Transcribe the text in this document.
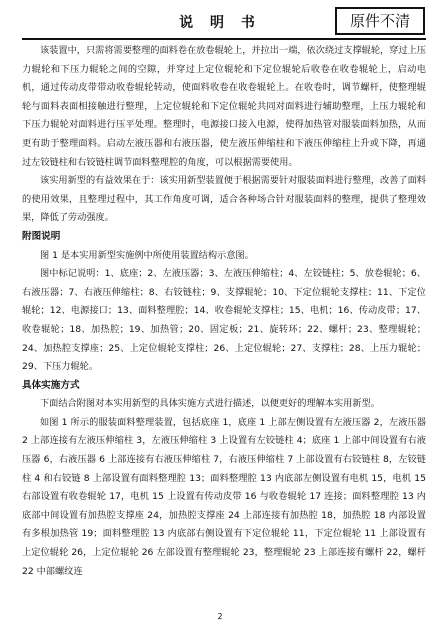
说 明 书	原件不清

该装置中，只需将需要整理的面料卷在放卷辊轮上，并拉出一端，依次绕过支撑辊轮，穿过上压力辊轮和下压力辊轮之间的空隙，并穿过上定位辊轮和下定位辊轮后收卷在收卷辊轮上，启动电机，通过传动皮带带动收卷辊轮转动，使面料收卷在收卷辊轮上。在收卷时，调节螺杆，使整理辊轮与面料表面相接触进行整理，上定位辊轮和下定位辊轮共同对面料进行辅助整理，上压力辊轮和下压力辊轮对面料进行压平处理。整理时，电源接口接入电源，使得加热管对服装面料加热，从而更有助于整理面料。启动左液压器和右液压器，使左液压伸缩柱和下液压伸缩柱上升或下降，再通过左铰链柱和右铰链柱调节面料整理腔的角度，可以根据需要使用。

该实用新型的有益效果在于：该实用新型装置便于根据需要针对服装面料进行整理，改善了面料的使用效果，且整理过程中，其工作角度可调，适合各种场合针对服装面料的整理，提供了整理效果，降低了劳动强度。

附图说明

图 1 是本实用新型实施例中所使用装置结构示意图。

图中标记说明：1、底座；2、左液压器；3、左液压伸缩柱；4、左铰链柱；5、放卷辊轮；6、右液压器；7、右液压伸缩柱；8、右铰链柱；9、支撑辊轮；10、下定位辊轮支撑柱；11、下定位辊轮；12、电源接口；13、面料整理腔；14、收卷辊轮支撑柱；15、电机；16、传动皮带；17、收卷辊轮；18、加热腔；19、加热管；20、固定板；21、旋转环；22、螺杆；23、整理辊轮；24、加热腔支撑座；25、上定位辊轮支撑柱；26、上定位辊轮；27、支撑柱；28、上压力辊轮；29、下压力辊轮。

具体实施方式

下面结合附图对本实用新型的具体实施方式进行描述，以便更好的理解本实用新型。

如图 1 所示的服装面料整理装置，包括底座 1，底座 1 上部左侧设置有左液压器 2，左液压器 2 上部连接有左液压伸缩柱 3，左液压伸缩柱 3 上设置有左铰链柱 4；底座 1 上部中间设置有右液压器 6，右液压器 6 上部连接有右液压伸缩柱 7，右液压伸缩柱 7 上部设置有右铰链柱 8，左铰链柱 4 和右铰链 8 上部设置有面料整理腔 13；面料整理腔 13 内底部左侧设置有电机 15，电机 15 右部设置有收卷辊轮 17，电机 15 上设置有传动皮带 16 与收卷辊轮 17 连接；面料整理腔 13 内底部中间设置有加热腔支撑座 24，加热腔支撑座 24 上部连接有加热腔 18，加热腔 18 内部设置有多根加热管 19；面料整理腔 13 内底部右侧设置有下定位辊轮 11，下定位辊轮 11 上部设置有上定位辊轮 26，上定位辊轮 26 左部设置有整理辊轮 23，整理辊轮 23 上部连接有螺杆 22，螺杆 22 中部螺纹连

2
